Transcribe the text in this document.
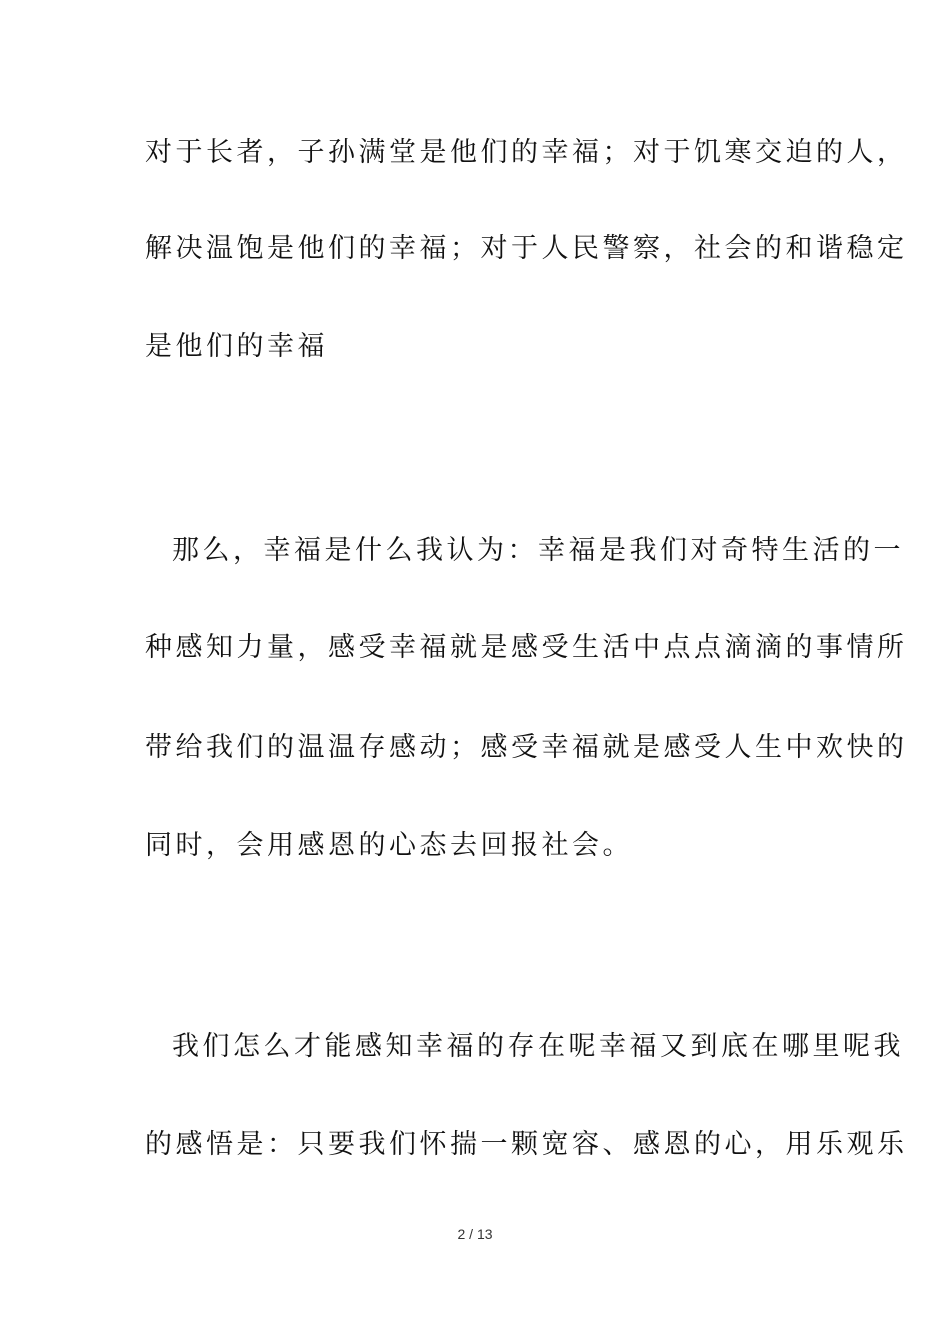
对于长者，子孙满堂是他们的幸福；对于饥寒交迫的人，
解决温饱是他们的幸福；对于人民警察，社会的和谐稳定
是他们的幸福
那么，幸福是什么我认为：幸福是我们对奇特生活的一
种感知力量，感受幸福就是感受生活中点点滴滴的事情所
带给我们的温温存感动；感受幸福就是感受人生中欢快的
同时，会用感恩的心态去回报社会。
我们怎么才能感知幸福的存在呢幸福又到底在哪里呢我
的感悟是：只要我们怀揣一颗宽容、感恩的心，用乐观乐
2 / 13
